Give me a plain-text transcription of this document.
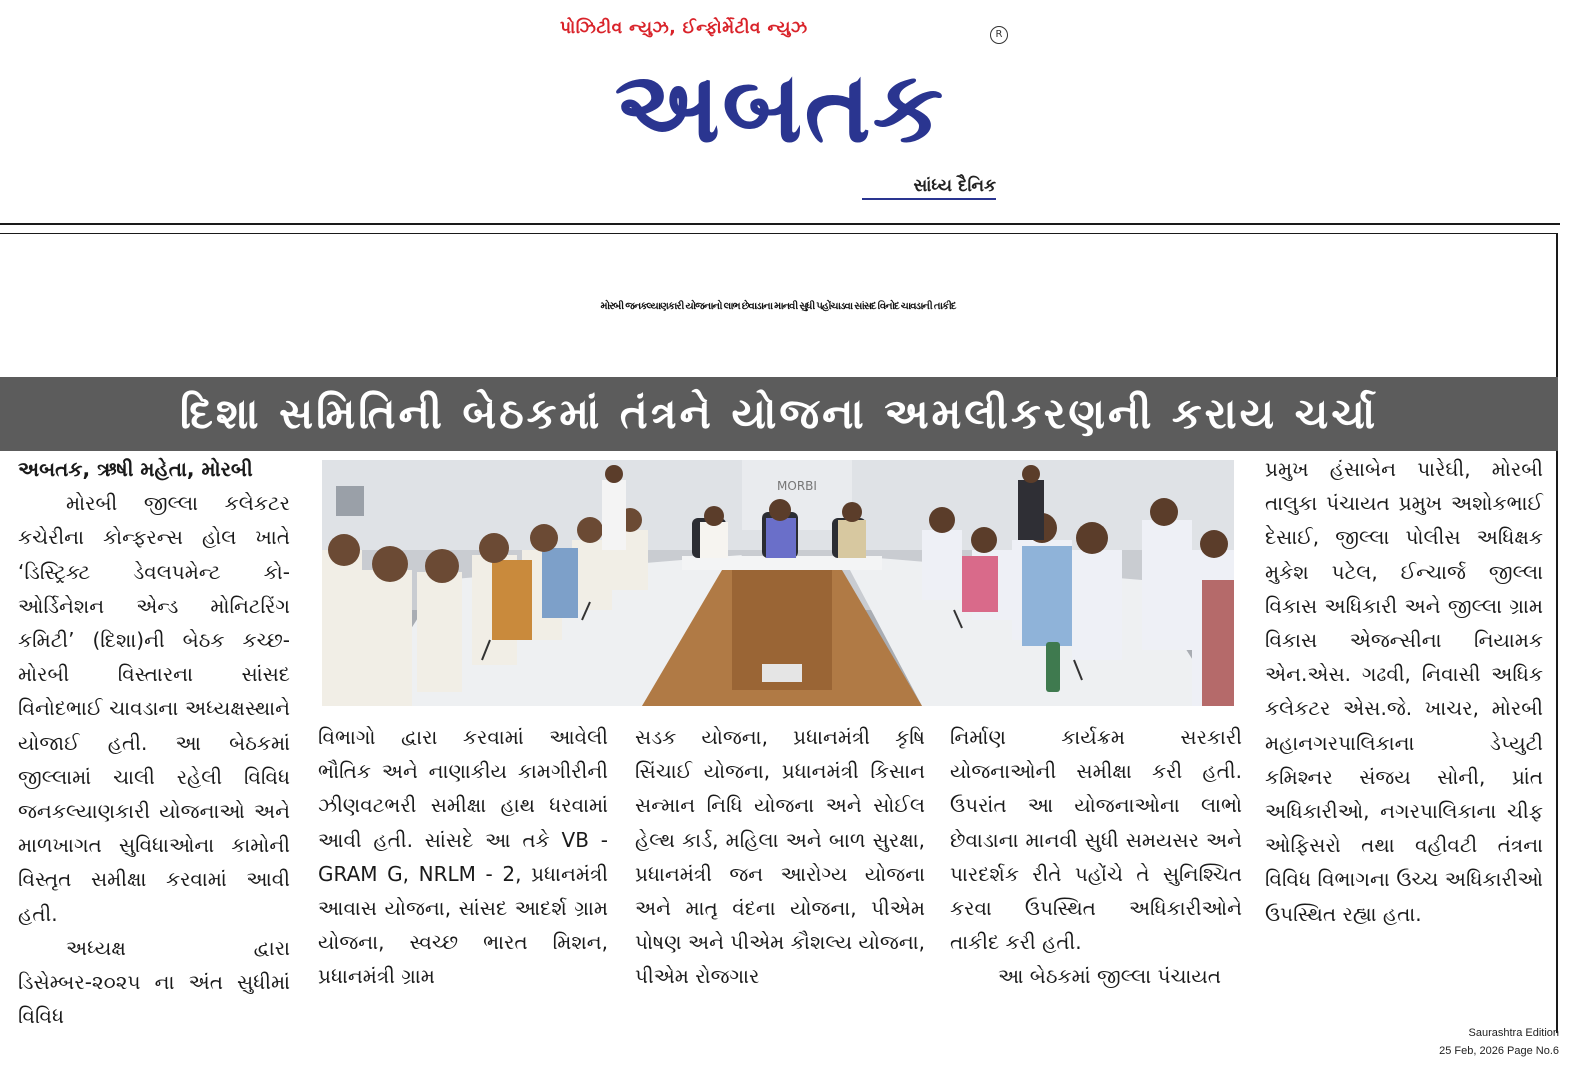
પોઝિટીવ ન્યુઝ, ઈન્ફોર્મેટીવ ન્યુઝ
અબતક
R
સાંધ્ય દૈનિક
મોરબી જનકલ્યાણકારી યોજનાનો લાભ છેવાડાના માનવી સુધી પહોંચાડવા સાંસદ વિનોદ ચાવડાની તાકીદ
દિશા સમિતિની બેઠકમાં તંત્રને યોજના અમલીકરણની કરાય ચર્ચા

અબતક, ઋષી મહેતા, મોરબી

મોરબી જીલ્લા કલેકટર કચેરીના કોન્ફરન્સ હોલ ખાતે ‘ડિસ્ટ્રિક્ટ ડેવલપમેન્ટ કો-ઓર્ડિનેશન એન્ડ મોનિટરિંગ કમિટી’ (દિશા)ની બેઠક કચ્છ-મોરબી વિસ્તારના સાંસદ વિનોદભાઈ ચાવડાના અધ્યક્ષસ્થાને યોજાઈ હતી. આ બેઠકમાં જીલ્લામાં ચાલી રહેલી વિવિધ જનકલ્યાણકારી યોજનાઓ અને માળખાગત સુવિધાઓના કામોની વિસ્તૃત સમીક્ષા કરવામાં આવી હતી.

અધ્યક્ષ દ્વારા ડિસેમ્બર-૨૦૨૫ ના અંત સુધીમાં વિવિધ

MORBI

વિભાગો દ્વારા કરવામાં આવેલી ભૌતિક અને નાણાકીય કામગીરીની ઝીણવટભરી સમીક્ષા હાથ ધરવામાં આવી હતી. સાંસદે આ તકે VB -GRAM G, NRLM - 2, પ્રધાનમંત્રી આવાસ યોજના, સાંસદ આદર્શ ગ્રામ યોજના, સ્વચ્છ ભારત મિશન, પ્રધાનમંત્રી ગ્રામ

સડક યોજના, પ્રધાનમંત્રી કૃષિ સિંચાઈ યોજના, પ્રધાનમંત્રી કિસાન સન્માન નિધિ યોજના અને સોઈલ હેલ્થ કાર્ડ, મહિલા અને બાળ સુરક્ષા, પ્રધાનમંત્રી જન આરોગ્ય યોજના અને માતૃ વંદના યોજના, પીએમ પોષણ અને પીએમ કૌશલ્ય યોજના, પીએમ રોજગાર

નિર્માણ કાર્યક્રમ સરકારી યોજનાઓની સમીક્ષા કરી હતી. ઉપરાંત આ યોજનાઓના લાભો છેવાડાના માનવી સુધી સમયસર અને પારદર્શક રીતે પહોંચે તે સુનિશ્ચિત કરવા ઉપસ્થિત અધિકારીઓને તાકીદ કરી હતી.

આ બેઠકમાં જીલ્લા પંચાયત

પ્રમુખ હંસાબેન પારેઘી, મોરબી તાલુકા પંચાયત પ્રમુખ અશોકભાઈ દેસાઈ, જીલ્લા પોલીસ અધિક્ષક મુકેશ પટેલ, ઈન્ચાર્જ જીલ્લા વિકાસ અધિકારી અને જીલ્લા ગ્રામ વિકાસ એજન્સીના નિયામક એન.એસ. ગઢવી, નિવાસી અધિક કલેકટર એસ.જે. ખાચર, મોરબી મહાનગરપાલિકાના ડેપ્યુટી કમિશ્નર સંજય સોની, પ્રાંત અધિકારીઓ, નગરપાલિકાના ચીફ ઓફિસરો તથા વહીવટી તંત્રના વિવિધ વિભાગના ઉચ્ચ અધિકારીઓ ઉપસ્થિત રહ્યા હતા.

Saurashtra Edition
25 Feb, 2026 Page No.6
